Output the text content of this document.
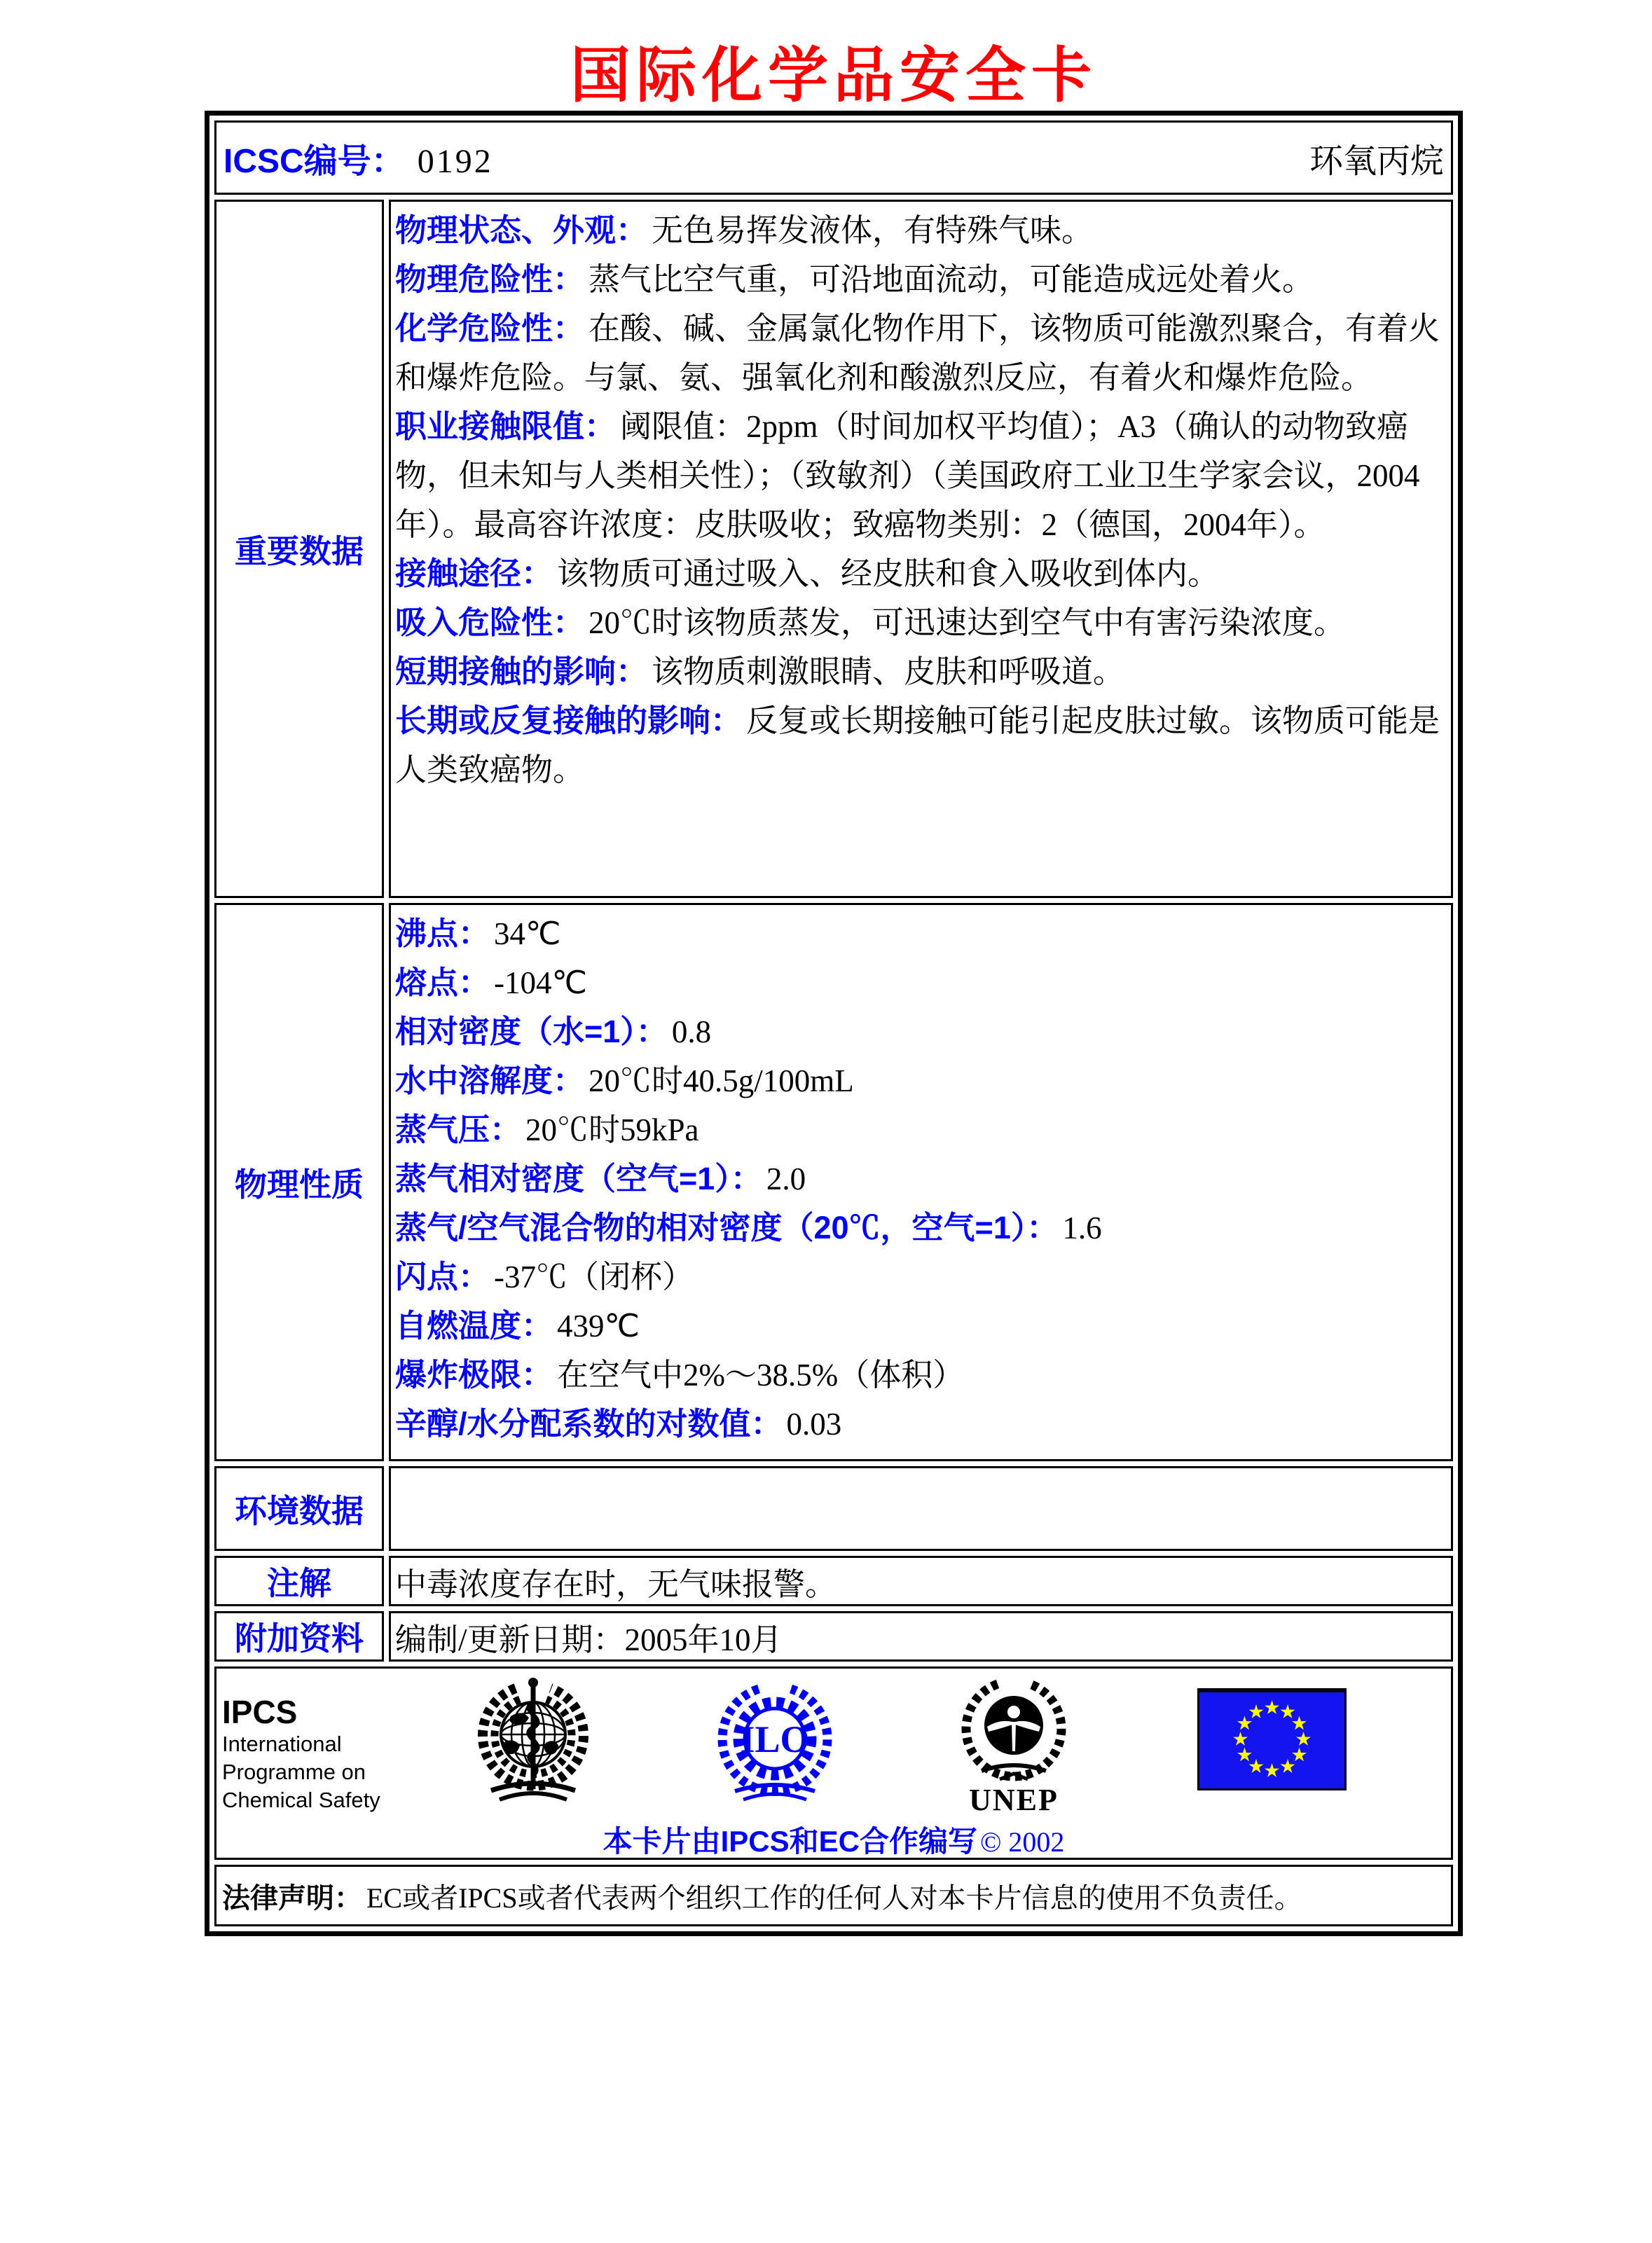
国际化学品安全卡
ICSC编号： 0192 环氧丙烷	

重要数据	
物理状态、外观： 无色易挥发液体，有特殊气味。
物理危险性： 蒸气比空气重，可沿地面流动，可能造成远处着火。
化学危险性： 在酸、碱、金属氯化物作用下，该物质可能激烈聚合，有着火和爆炸危险。与氯、氨、强氧化剂和酸激烈反应，有着火和爆炸危险。
职业接触限值： 阈限值：2ppm（时间加权平均值）；A3（确认的动物致癌物，但未知与人类相关性）；（致敏剂）（美国政府工业卫生学家会议，2004年）。最高容许浓度：皮肤吸收；致癌物类别：2（德国，2004年）。
接触途径： 该物质可通过吸入、经皮肤和食入吸收到体内。
吸入危险性： 20℃时该物质蒸发，可迅速达到空气中有害污染浓度。
短期接触的影响： 该物质刺激眼睛、皮肤和呼吸道。
长期或反复接触的影响： 反复或长期接触可能引起皮肤过敏。该物质可能是人类致癌物。

物理性质	
沸点： 34℃
熔点： -104℃
相对密度（水=1）： 0.8
水中溶解度： 20℃时40.5g/100mL
蒸气压： 20℃时59kPa
蒸气相对密度（空气=1）： 2.0
蒸气/空气混合物的相对密度（20℃，空气=1）： 1.6
闪点： -37℃（闭杯）
自燃温度： 439℃
爆炸极限： 在空气中2%～38.5%（体积）
辛醇/水分配系数的对数值： 0.03

环境数据	
注解	中毒浓度存在时，无气味报警。
附加资料	编制/更新日期：2005年10月

IPCS
International
Programme on
Chemical Safety
ILO
UNEP
本卡片由IPCS和EC合作编写 © 2002

法律声明： EC或者IPCS或者代表两个组织工作的任何人对本卡片信息的使用不负责任。	
